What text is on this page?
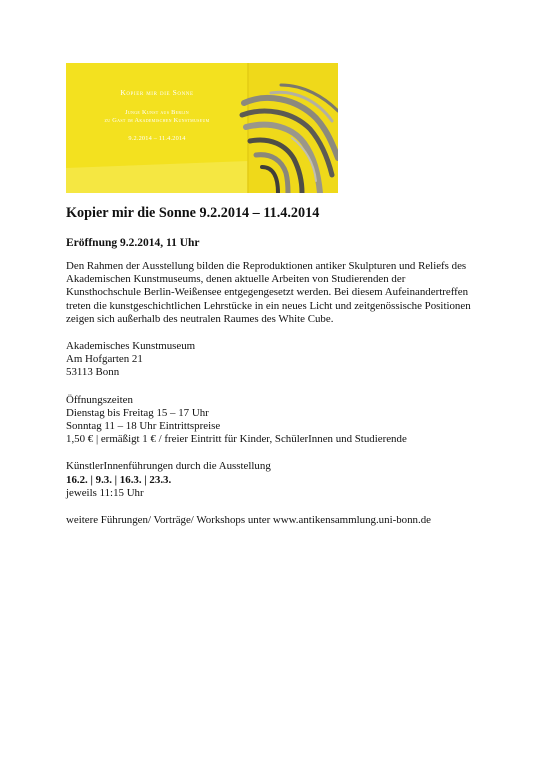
Kopier mir die Sonne
Junge Kunst aus Berlin
zu Gast im Akademischen Kunstmuseum
9.2.2014 – 11.4.2014
Kopier mir die Sonne 9.2.2014 – 11.4.2014
Eröffnung 9.2.2014, 11 Uhr
Den Rahmen der Ausstellung bilden die Reproduktionen antiker Skulpturen und Reliefs des
Akademischen Kunstmuseums, denen aktuelle Arbeiten von Studierenden der
Kunsthochschule Berlin-Weißensee entgegengesetzt werden. Bei diesem Aufeinandertreffen
treten die kunstgeschichtlichen Lehrstücke in ein neues Licht und zeitgenössische Positionen
zeigen sich außerhalb des neutralen Raumes des White Cube.
Akademisches Kunstmuseum
Am Hofgarten 21
53113 Bonn
Öffnungszeiten
Dienstag bis Freitag 15 – 17 Uhr
Sonntag 11 – 18 Uhr Eintrittspreise
1,50 € | ermäßigt 1 € / freier Eintritt für Kinder, SchülerInnen und Studierende
KünstlerInnenführungen durch die Ausstellung
16.2. | 9.3. | 16.3. | 23.3.
jeweils 11:15 Uhr
weitere Führungen/ Vorträge/ Workshops unter www.antikensammlung.uni-bonn.de
